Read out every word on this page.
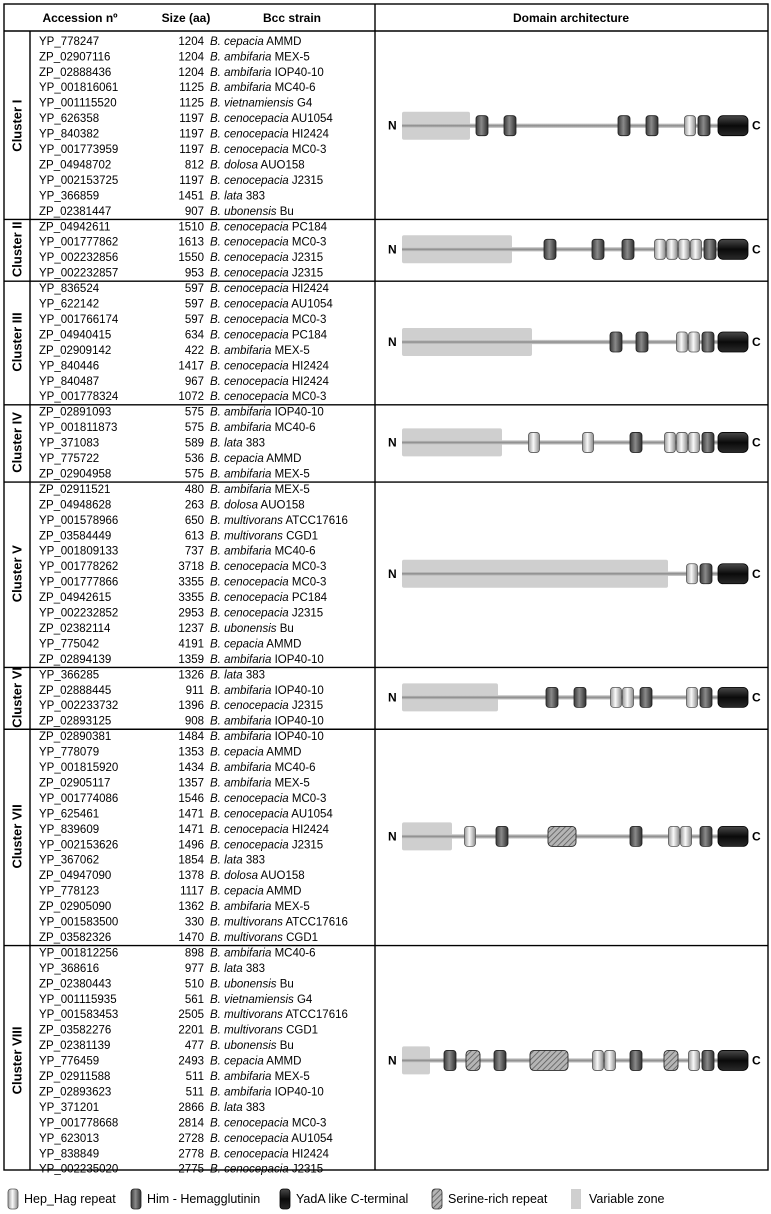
Accession nº	Size (aa)	Bcc strain	Domain architecture
YP_778247	1204 B. cepacia AMMD
ZP_02907116	1204 B. ambifaria MEX-5
ZP_02888436	1204 B. ambifaria IOP40-10
YP_001816061	1125 B. ambifaria MC40-6
YP_001115520	1125 B. vietnamiensis G4
YP_626358	1197 B. cenocepacia AU1054
YP_840382	1197 B. cenocepacia HI2424
YP_001773959	1197 B. cenocepacia MC0-3
ZP_04948702	812 B. dolosa AUO158
YP_002153725	1197 B. cenocepacia J2315
YP_366859	1451 B. lata 383
ZP_02381447	907 B. ubonensis Bu
Cluster I
ZP_04942611	1510 B. cenocepacia PC184
YP_001777862	1613 B. cenocepacia MC0-3
YP_002232856	1550 B. cenocepacia J2315
YP_002232857	953 B. cenocepacia J2315
Cluster II
YP_836524	597 B. cenocepacia HI2424
YP_622142	597 B. cenocepacia AU1054
YP_001766174	597 B. cenocepacia MC0-3
ZP_04940415	634 B. cenocepacia PC184
ZP_02909142	422 B. ambifaria MEX-5
YP_840446	1417 B. cenocepacia HI2424
YP_840487	967 B. cenocepacia HI2424
YP_001778324	1072 B. cenocepacia MC0-3
Cluster III
ZP_02891093	575 B. ambifaria IOP40-10
YP_001811873	575 B. ambifaria MC40-6
YP_371083	589 B. lata 383
YP_775722	536 B. cepacia AMMD
ZP_02904958	575 B. ambifaria MEX-5
Cluster IV
ZP_02911521	480 B. ambifaria MEX-5
ZP_04948628	263 B. dolosa AUO158
YP_001578966	650 B. multivorans ATCC17616
ZP_03584449	613 B. multivorans CGD1
YP_001809133	737 B. ambifaria MC40-6
YP_001778262	3718 B. cenocepacia MC0-3
YP_001777866	3355 B. cenocepacia MC0-3
ZP_04942615	3355 B. cenocepacia PC184
YP_002232852	2953 B. cenocepacia J2315
ZP_02382114	1237 B. ubonensis Bu
YP_775042	4191 B. cepacia AMMD
ZP_02894139	1359 B. ambifaria IOP40-10
Cluster V
YP_366285	1326 B. lata 383
ZP_02888445	911 B. ambifaria IOP40-10
YP_002233732	1396 B. cenocepacia J2315
ZP_02893125	908 B. ambifaria IOP40-10
Cluster VI
ZP_02890381	1484 B. ambifaria IOP40-10
YP_778079	1353 B. cepacia AMMD
YP_001815920	1434 B. ambifaria MC40-6
ZP_02905117	1357 B. ambifaria MEX-5
YP_001774086	1546 B. cenocepacia MC0-3
YP_625461	1471 B. cenocepacia AU1054
YP_839609	1471 B. cenocepacia HI2424
YP_002153626	1496 B. cenocepacia J2315
YP_367062	1854 B. lata 383
ZP_04947090	1378 B. dolosa AUO158
YP_778123	1117 B. cepacia AMMD
ZP_02905090	1362 B. ambifaria MEX-5
YP_001583500	330 B. multivorans ATCC17616
ZP_03582326	1470 B. multivorans CGD1
Cluster VII
YP_001812256	898 B. ambifaria MC40-6
YP_368616	977 B. lata 383
ZP_02380443	510 B. ubonensis Bu
YP_001115935	561 B. vietnamiensis G4
YP_001583453	2505 B. multivorans ATCC17616
ZP_03582276	2201 B. multivorans CGD1
ZP_02381139	477 B. ubonensis Bu
YP_776459	2493 B. cepacia AMMD
ZP_02911588	511 B. ambifaria MEX-5
ZP_02893623	511 B. ambifaria IOP40-10
YP_371201	2866 B. lata 383
YP_001778668	2814 B. cenocepacia MC0-3
YP_623013	2728 B. cenocepacia AU1054
YP_838849	2778 B. cenocepacia HI2424
YP_002235020	2775 B. cenocepacia J2315
Cluster VIII
N	C
N	C
N	C
N	C
N	C
N	C
N	C
N	C
Hep_Hag repeat	Him - Hemagglutinin	YadA like C-terminal	Serine-rich repeat	Variable zone
